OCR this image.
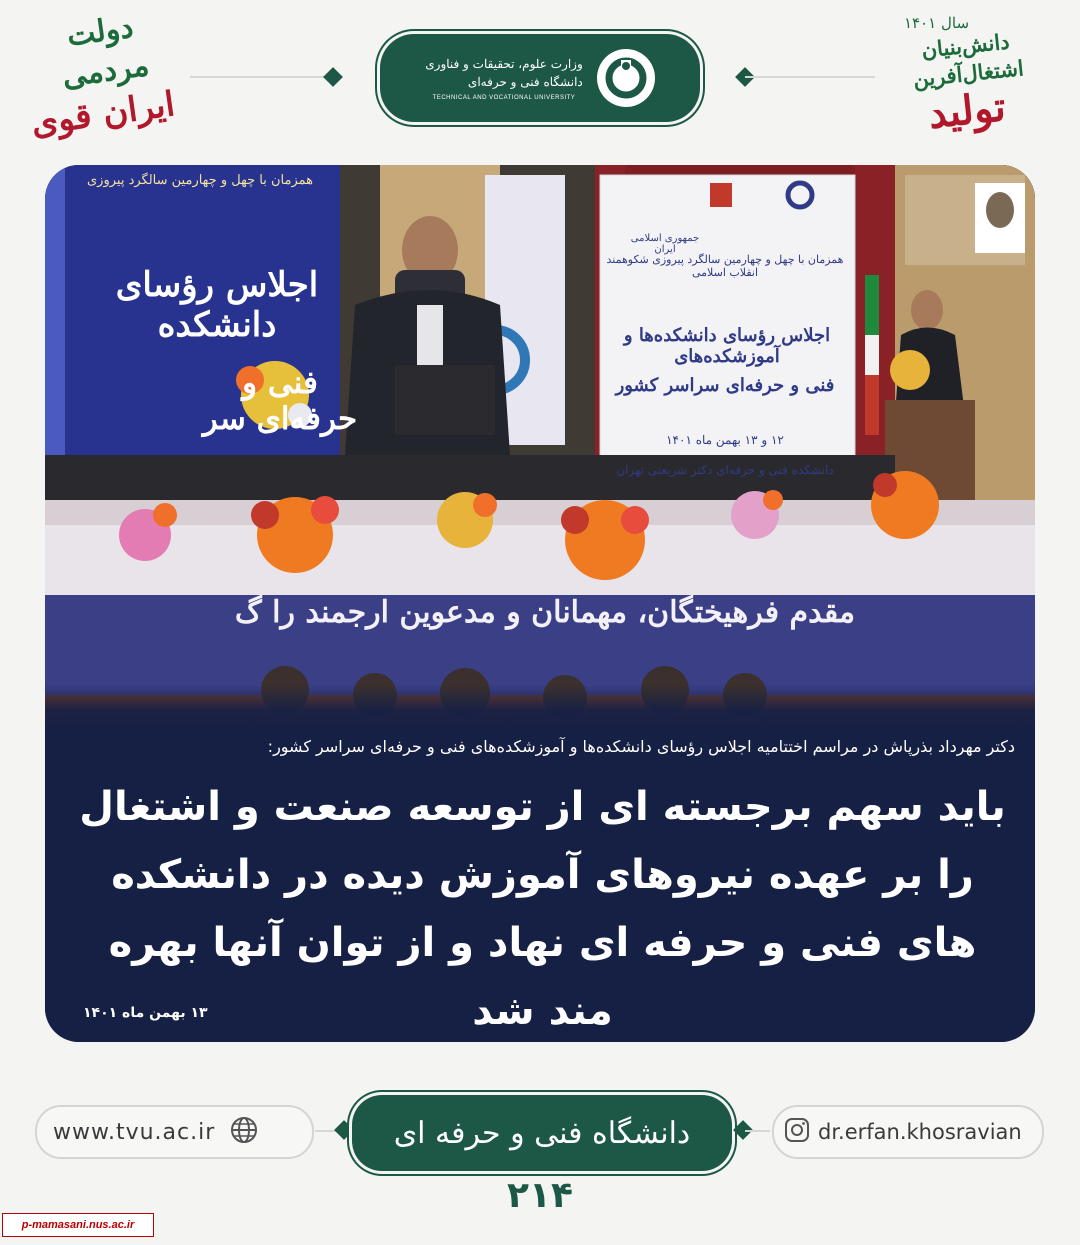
دولت مردمی
ایران قوی
وزارت علوم، تحقیقات و فناوری
دانشگاه فنی و حرفه‌ای
TECHNICAL AND VOCATIONAL UNIVERSITY
سال ۱۴۰۱
دانش‌بنیان اشتغال‌آفرین
تولید
همزمان با چهل و چهارمین سالگرد پیروزی
اجلاس رؤسای دانشکده
فنی و حرفه‌ای سر
جمهوری اسلامی ایران
همزمان با چهل و چهارمین سالگرد پیروزی شکوهمند انقلاب اسلامی
اجلاس رؤسای دانشکده‌ها و آموزشکده‌های
فنی و حرفه‌ای سراسر کشور
۱۲ و ۱۳ بهمن ماه ۱۴۰۱
دانشکده فنی و حرفه‌ای دکتر شریعتی تهران
مقدم فرهیختگان، مهمانان و مدعوین ارجمند را گ
دکتر مهرداد بذرپاش در مراسم اختتامیه اجلاس رؤسای دانشکده‌ها و آموزشکده‌های فنی و حرفه‌ای سراسر کشور:
باید سهم برجسته ای از توسعه صنعت و اشتغال را بر عهده نیروهای آموزش دیده در دانشکده های فنی و حرفه ای نهاد و از توان آنها بهره مند شد
۱۳ بهمن ماه ۱۴۰۱
www.tvu.ac.ir	دانشگاه فنی و حرفه ای	dr.erfan.khosravian
۲۱۴
p-mamasani.nus.ac.ir
